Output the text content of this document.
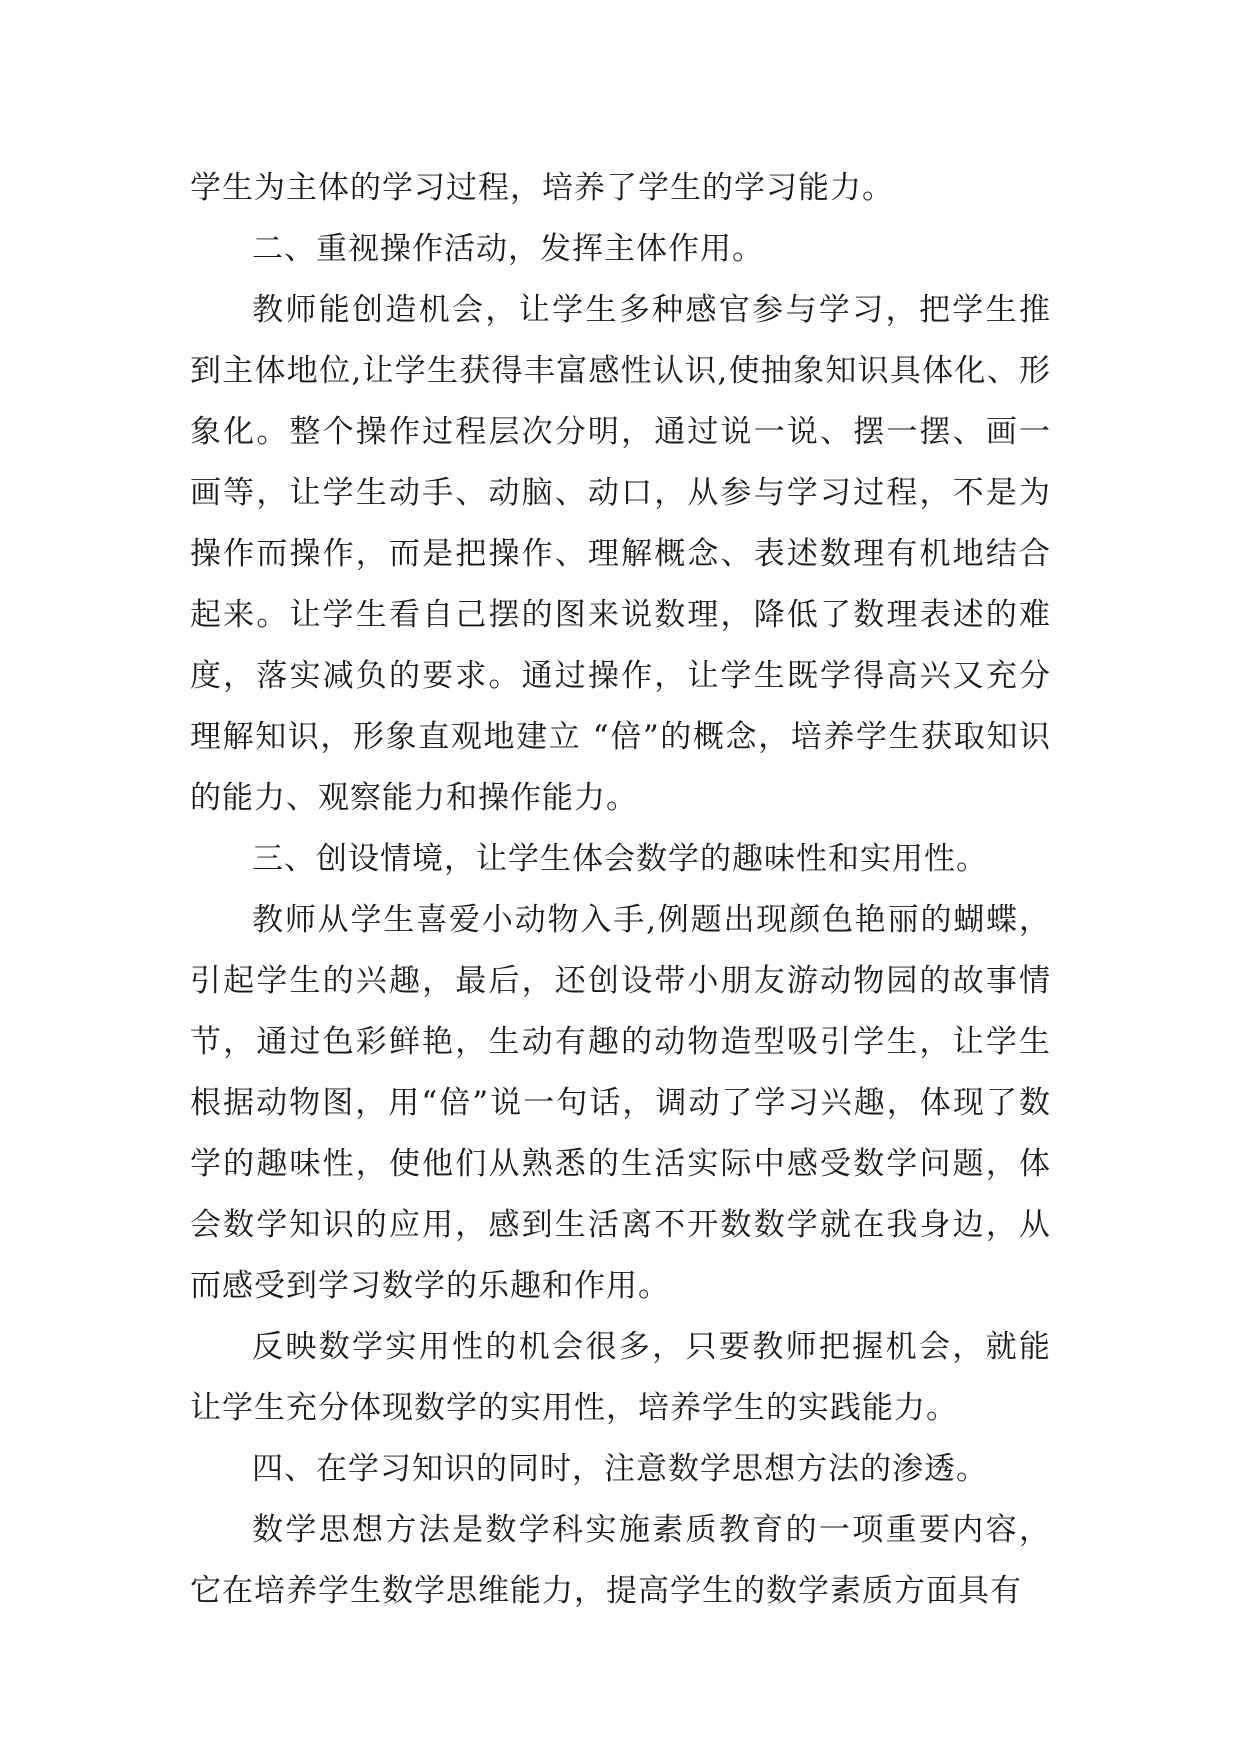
学生为主体的学习过程，培养了学生的学习能力。

二、重视操作活动，发挥主体作用。

教师能创造机会，让学生多种感官参与学习，把学生推到主体地位,让学生获得丰富感性认识,使抽象知识具体化、形象化。整个操作过程层次分明，通过说一说、摆一摆、画一画等，让学生动手、动脑、动口，从参与学习过程，不是为操作而操作，而是把操作、理解概念、表述数理有机地结合起来。让学生看自己摆的图来说数理，降低了数理表述的难度，落实减负的要求。通过操作，让学生既学得高兴又充分理解知识，形象直观地建立 “倍”的概念，培养学生获取知识的能力、观察能力和操作能力。

三、创设情境，让学生体会数学的趣味性和实用性。

教师从学生喜爱小动物入手,例题出现颜色艳丽的蝴蝶，引起学生的兴趣，最后，还创设带小朋友游动物园的故事情节，通过色彩鲜艳，生动有趣的动物造型吸引学生，让学生根据动物图，用“倍”说一句话，调动了学习兴趣，体现了数学的趣味性，使他们从熟悉的生活实际中感受数学问题，体会数学知识的应用，感到生活离不开数数学就在我身边，从而感受到学习数学的乐趣和作用。

反映数学实用性的机会很多，只要教师把握机会，就能让学生充分体现数学的实用性，培养学生的实践能力。

四、在学习知识的同时，注意数学思想方法的渗透。

数学思想方法是数学科实施素质教育的一项重要内容，它在培养学生数学思维能力，提高学生的数学素质方面具有
